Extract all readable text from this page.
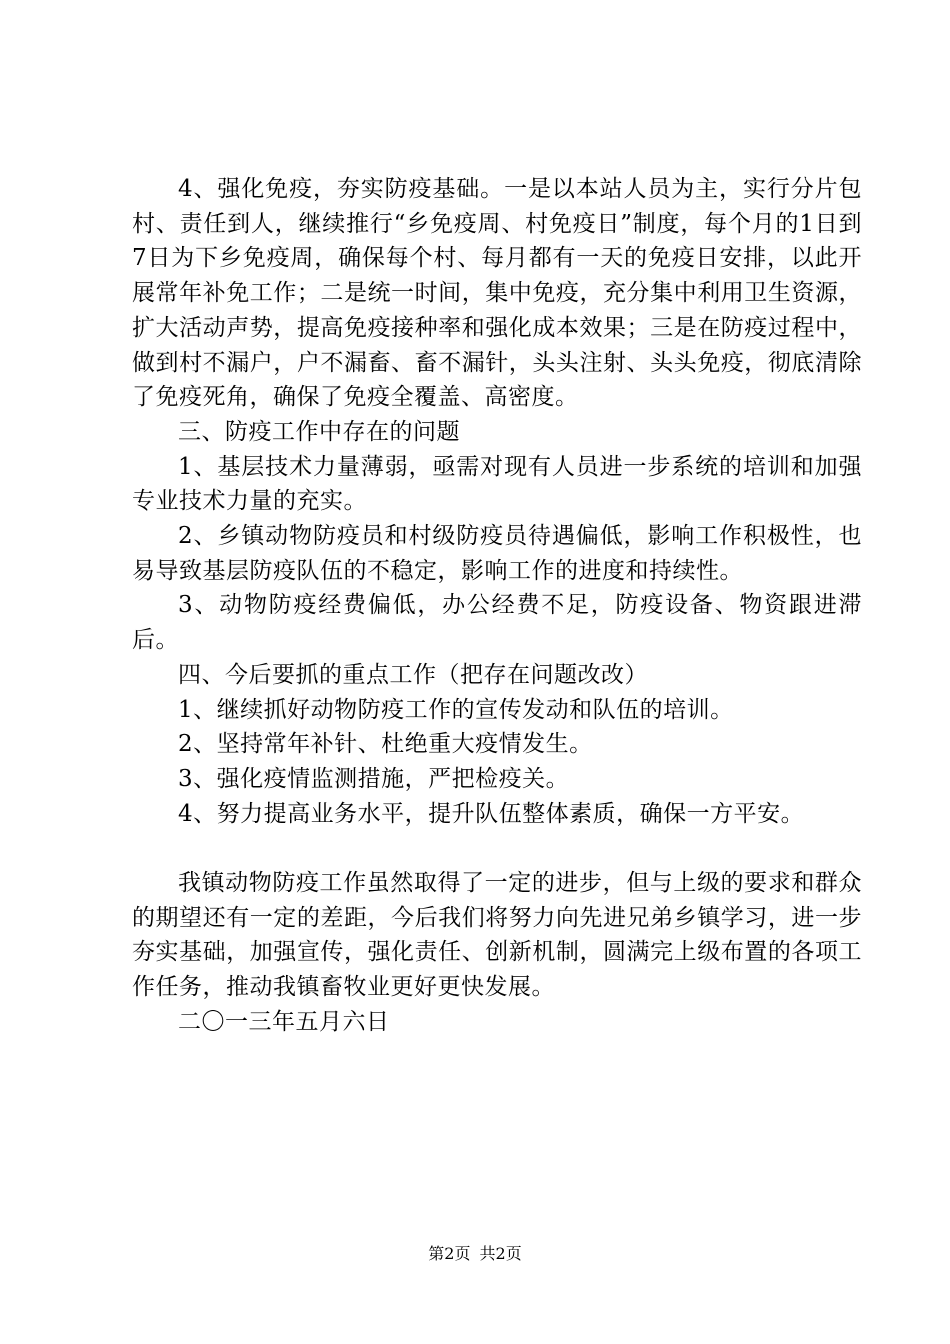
4、强化免疫，夯实防疫基础。一是以本站人员为主，实行分片包村、责任到人，继续推行“乡免疫周、村免疫日”制度，每个月的1日到7日为下乡免疫周，确保每个村、每月都有一天的免疫日安排，以此开展常年补免工作；二是统一时间，集中免疫，充分集中利用卫生资源，扩大活动声势，提高免疫接种率和强化成本效果；三是在防疫过程中，做到村不漏户，户不漏畜、畜不漏针，头头注射、头头免疫，彻底清除了免疫死角，确保了免疫全覆盖、高密度。

三、防疫工作中存在的问题

1、基层技术力量薄弱，亟需对现有人员进一步系统的培训和加强专业技术力量的充实。

2、乡镇动物防疫员和村级防疫员待遇偏低，影响工作积极性，也易导致基层防疫队伍的不稳定，影响工作的进度和持续性。

3、动物防疫经费偏低，办公经费不足，防疫设备、物资跟进滞后。

四、今后要抓的重点工作（把存在问题改改）

1、继续抓好动物防疫工作的宣传发动和队伍的培训。

2、坚持常年补针、杜绝重大疫情发生。

3、强化疫情监测措施，严把检疫关。

4、努力提高业务水平，提升队伍整体素质，确保一方平安。

我镇动物防疫工作虽然取得了一定的进步，但与上级的要求和群众的期望还有一定的差距，今后我们将努力向先进兄弟乡镇学习，进一步夯实基础，加强宣传，强化责任、创新机制，圆满完上级布置的各项工作任务，推动我镇畜牧业更好更快发展。

二〇一三年五月六日

第2页 共2页
